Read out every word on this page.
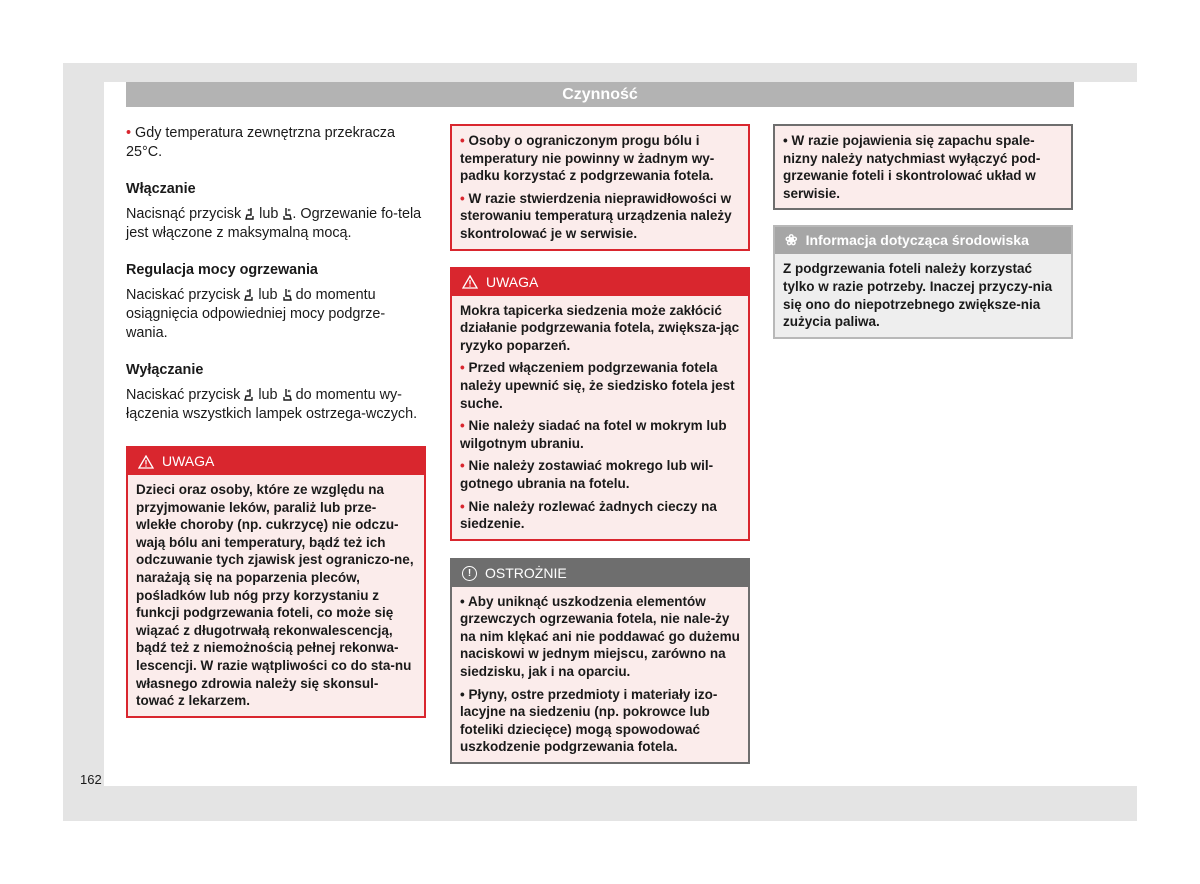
Czynność

• Gdy temperatura zewnętrzna przekracza 25°C.

Włączanie

Nacisnąć przycisk lub . Ogrzewanie fo-tela jest włączone z maksymalną mocą.

Regulacja mocy ogrzewania

Naciskać przycisk lub do momentu osiągnięcia odpowiedniej mocy podgrze-wania.

Wyłączanie

Naciskać przycisk lub do momentu wy-łączenia wszystkich lampek ostrzega-wczych.

UWAGA

Dzieci oraz osoby, które ze względu na przyjmowanie leków, paraliż lub prze-wlekłe choroby (np. cukrzycę) nie odczu-wają bólu ani temperatury, bądź też ich odczuwanie tych zjawisk jest ograniczo-ne, narażają się na poparzenia pleców, pośladków lub nóg przy korzystaniu z funkcji podgrzewania foteli, co może się wiązać z długotrwałą rekonwalescencją, bądź też z niemożnością pełnej rekonwa-lescencji. W razie wątpliwości co do sta-nu własnego zdrowia należy się skonsul-tować z lekarzem.

• Osoby o ograniczonym progu bólu i temperatury nie powinny w żadnym wy-padku korzystać z podgrzewania fotela.

• W razie stwierdzenia nieprawidłowości w sterowaniu temperaturą urządzenia należy skontrolować je w serwisie.

UWAGA

Mokra tapicerka siedzenia może zakłócić działanie podgrzewania fotela, zwiększa-jąc ryzyko poparzeń.

• Przed włączeniem podgrzewania fotela należy upewnić się, że siedzisko fotela jest suche.

• Nie należy siadać na fotel w mokrym lub wilgotnym ubraniu.

• Nie należy zostawiać mokrego lub wil-gotnego ubrania na fotelu.

• Nie należy rozlewać żadnych cieczy na siedzenie.

! OSTROŻNIE

• Aby uniknąć uszkodzenia elementów grzewczych ogrzewania fotela, nie nale-ży na nim klękać ani nie poddawać go dużemu naciskowi w jednym miejscu, zarówno na siedzisku, jak i na oparciu.

• Płyny, ostre przedmioty i materiały izo-lacyjne na siedzeniu (np. pokrowce lub foteliki dziecięce) mogą spowodować uszkodzenie podgrzewania fotela.

• W razie pojawienia się zapachu spale-nizny należy natychmiast wyłączyć pod-grzewanie foteli i skontrolować układ w serwisie.

❀ Informacja dotycząca środowiska

Z podgrzewania foteli należy korzystać tylko w razie potrzeby. Inaczej przyczy-nia się ono do niepotrzebnego zwiększe-nia zużycia paliwa.

162
